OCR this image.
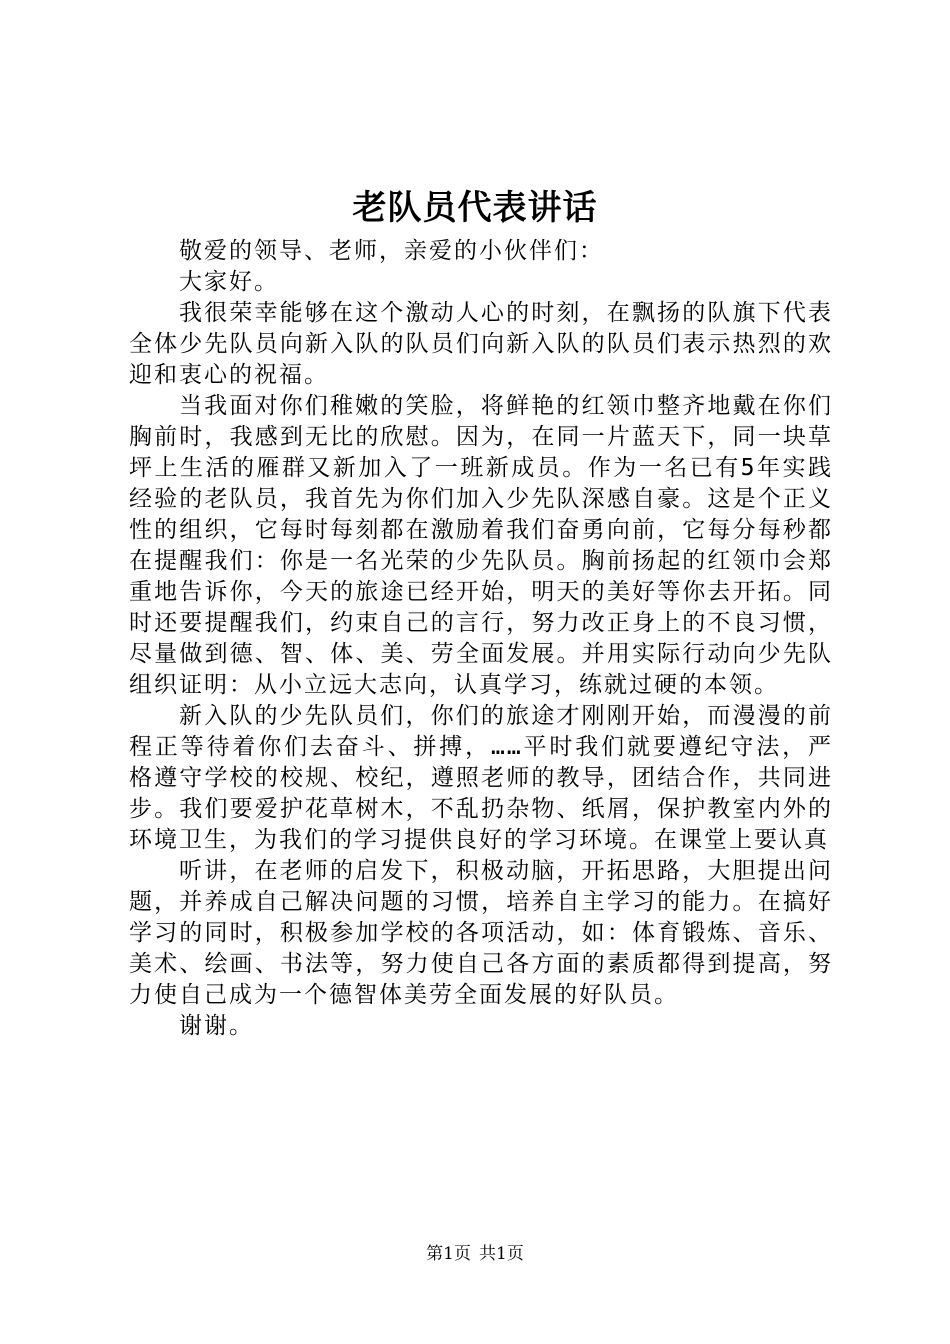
老队员代表讲话

敬爱的领导、老师，亲爱的小伙伴们：

大家好。

我很荣幸能够在这个激动人心的时刻，在飘扬的队旗下代表全体少先队员向新入队的队员们向新入队的队员们表示热烈的欢迎和衷心的祝福。

当我面对你们稚嫩的笑脸，将鲜艳的红领巾整齐地戴在你们胸前时，我感到无比的欣慰。因为，在同一片蓝天下，同一块草坪上生活的雁群又新加入了一班新成员。作为一名已有5年实践经验的老队员，我首先为你们加入少先队深感自豪。这是个正义性的组织，它每时每刻都在激励着我们奋勇向前，它每分每秒都在提醒我们：你是一名光荣的少先队员。胸前扬起的红领巾会郑重地告诉你，今天的旅途已经开始，明天的美好等你去开拓。同时还要提醒我们，约束自己的言行，努力改正身上的不良习惯，尽量做到德、智、体、美、劳全面发展。并用实际行动向少先队组织证明：从小立远大志向，认真学习，练就过硬的本领。

新入队的少先队员们，你们的旅途才刚刚开始，而漫漫的前程正等待着你们去奋斗、拼搏，……平时我们就要遵纪守法，严格遵守学校的校规、校纪，遵照老师的教导，团结合作，共同进步。我们要爱护花草树木，不乱扔杂物、纸屑，保护教室内外的环境卫生，为我们的学习提供良好的学习环境。在课堂上要认真

听讲，在老师的启发下，积极动脑，开拓思路，大胆提出问题，并养成自己解决问题的习惯，培养自主学习的能力。在搞好学习的同时，积极参加学校的各项活动，如：体育锻炼、音乐、美术、绘画、书法等，努力使自己各方面的素质都得到提高，努力使自己成为一个德智体美劳全面发展的好队员。

谢谢。

第1页 共1页
